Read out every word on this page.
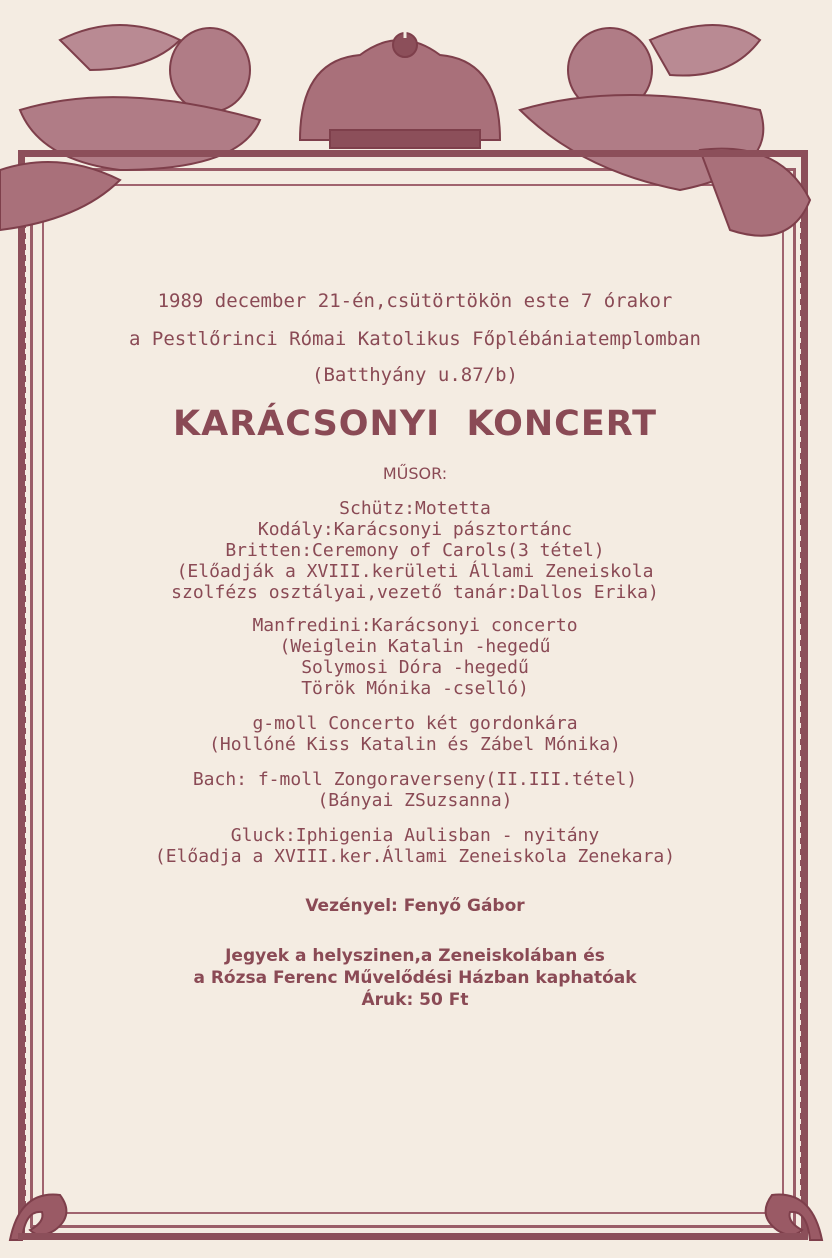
1989 december 21-én,csütörtökön este 7 órakor
a Pestlőrinci Római Katolikus Főplébániatemplomban
(Batthyány u.87/b)
KARÁCSONYI  KONCERT
MŰSOR:
Schütz:Motetta
Kodály:Karácsonyi pásztortánc
Britten:Ceremony of Carols(3 tétel)
(Előadják a XVIII.kerületi Állami Zeneiskola
szolfézs osztályai,vezető tanár:Dallos Erika)
Manfredini:Karácsonyi concerto
(Weiglein Katalin -hegedű
Solymosi Dóra -hegedű
Török Mónika -cselló)
g-moll Concerto két gordonkára
(Hollóné Kiss Katalin és Zábel Mónika)
Bach: f-moll Zongoraverseny(II.III.tétel)
(Bányai ZSuzsanna)
Gluck:Iphigenia Aulisban - nyitány
(Előadja a XVIII.ker.Állami Zeneiskola Zenekara)
Vezényel: Fenyő Gábor
Jegyek a helyszinen,a Zeneiskolában és
a Rózsa Ferenc Művelődési Házban kaphatóak
Áruk: 50 Ft
